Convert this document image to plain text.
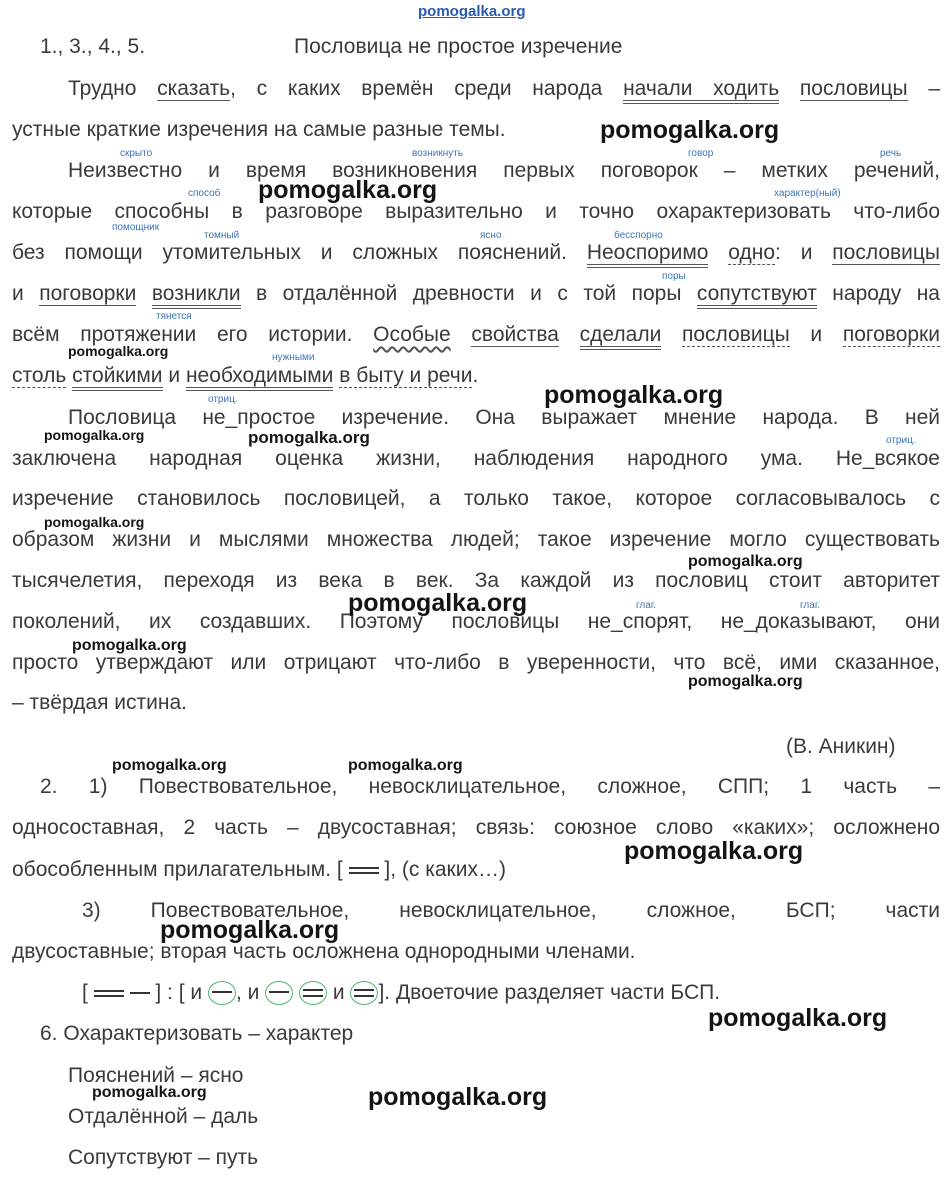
pomogalka.org
1., 3., 4., 5.	Пословица не простое изречение
Трудно сказать, с каких времён среди народа начали ходить пословицы –
устные краткие изречения на самые разные темы.
скрыто	возникнуть	говор	речь
Неизвестно и время возникновения первых поговорок – метких речений,
способ	характер(ный)
которые способны в разговоре выразительно и точно охарактеризовать что-либо
помощник
томный	ясно	бесспорно
без помощи утомительных и сложных пояснений. Неоспоримо одно: и пословицы
поры
и поговорки возникли в отдалённой древности и с той поры сопутствуют народу на
тянется
всём протяжении его истории. Особые свойства сделали пословицы и поговорки
нужными
столь стойкими и необходимыми в быту и речи.
отриц.
Пословица не_простое изречение. Она выражает мнение народа. В ней
отриц.
заключена народная оценка жизни, наблюдения народного ума. Не_всякое
изречение становилось пословицей, а только такое, которое согласовывалось с
образом жизни и мыслями множества людей; такое изречение могло существовать
тысячелетия, переходя из века в век. За каждой из пословиц стоит авторитет
глаг.	глаг.
поколений, их создавших. Поэтому пословицы не_спорят, не_доказывают, они
просто утверждают или отрицают что-либо в уверенности, что всё, ими сказанное,
– твёрдая истина.
(В. Аникин)
2. 1) Повествовательное, невосклицательное, сложное, СПП; 1 часть –
односоставная, 2 часть – двусоставная; связь: союзное слово «каких»; осложнено
обособленным прилагательным. [ ], (с каких…)
3) Повествовательное, невосклицательное, сложное, БСП; части
двусоставные; вторая часть осложнена однородными членами.
[	] : [ и , и	и ]. Двоеточие разделяет части БСП.
6. Охарактеризовать – характер
Пояснений – ясно
Отдалённой – даль
Сопутствуют – путь
pomogalka.org
pomogalka.org
pomogalka.org
pomogalka.org
pomogalka.org	pomogalka.org
pomogalka.org
pomogalka.org
pomogalka.org
pomogalka.org
pomogalka.org
pomogalka.org	pomogalka.org
pomogalka.org
pomogalka.org
pomogalka.org
pomogalka.org	pomogalka.org
